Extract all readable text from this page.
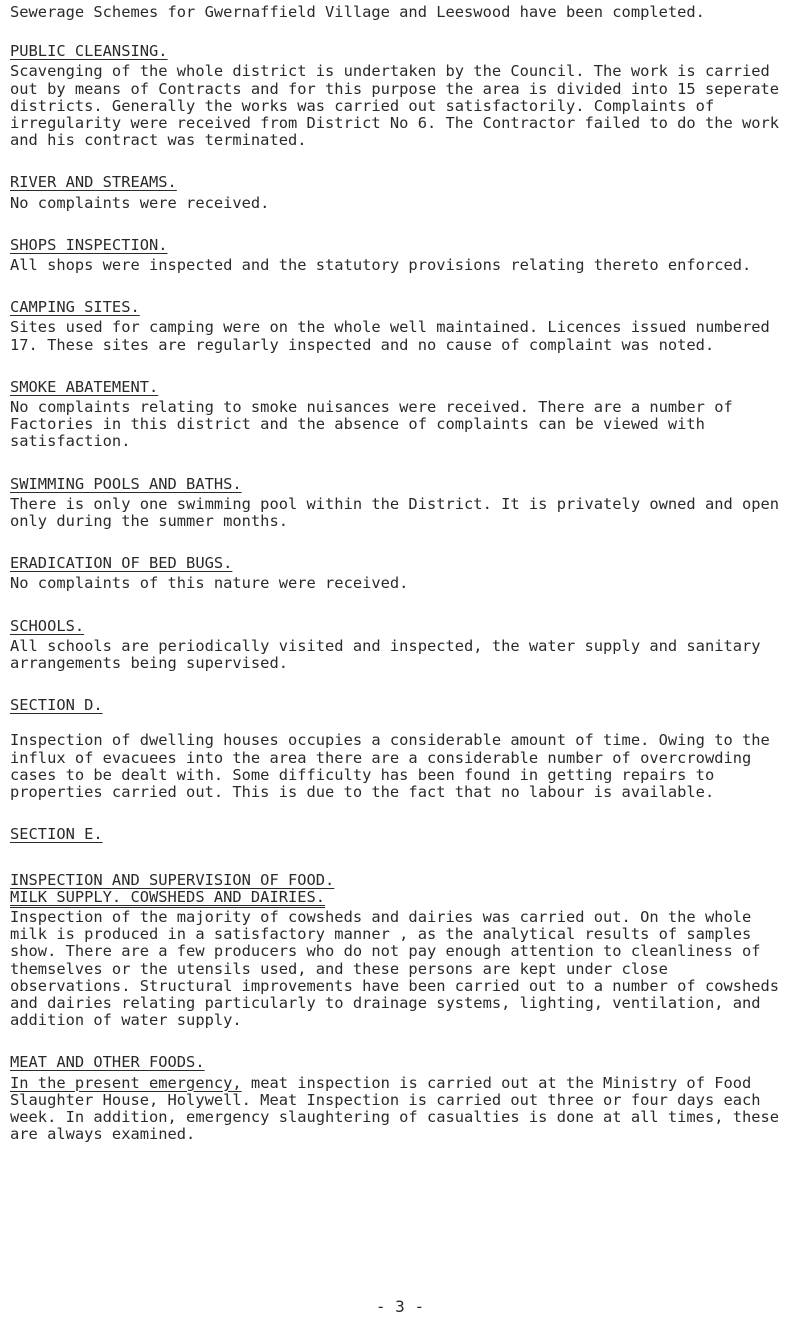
Sewerage Schemes for Gwernaffield Village and Leeswood have been completed.

PUBLIC CLEANSING.

Scavenging of the whole district is undertaken by the Council. The work is carried out by means of Contracts and for this purpose the area is divided into 15 seperate districts. Generally the works was carried out satisfactorily. Complaints of irregularity were received from District No 6. The Contractor failed to do the work and his contract was terminated.

RIVER AND STREAMS.

No complaints were received.

SHOPS INSPECTION.

All shops were inspected and the statutory provisions relating thereto enforced.

CAMPING SITES.

Sites used for camping were on the whole well maintained. Licences issued numbered 17. These sites are regularly inspected and no cause of complaint was noted.

SMOKE ABATEMENT.

No complaints relating to smoke nuisances were received. There are a number of Factories in this district and the absence of complaints can be viewed with satisfaction.

SWIMMING POOLS AND BATHS.

There is only one swimming pool within the District. It is privately owned and open only during the summer months.

ERADICATION OF BED BUGS.

No complaints of this nature were received.

SCHOOLS.

All schools are periodically visited and inspected, the water supply and sanitary arrangements being supervised.

SECTION D.

Inspection of dwelling houses occupies a considerable amount of time. Owing to the influx of evacuees into the area there are a considerable number of overcrowding cases to be dealt with. Some difficulty has been found in getting repairs to properties carried out. This is due to the fact that no labour is available.

SECTION E.
INSPECTION AND SUPERVISION OF FOOD.
MILK SUPPLY. COWSHEDS AND DAIRIES.

Inspection of the majority of cowsheds and dairies was carried out. On the whole milk is produced in a satisfactory manner , as the analytical results of samples show. There are a few producers who do not pay enough attention to cleanliness of themselves or the utensils used, and these persons are kept under close observations. Structural improvements have been carried out to a number of cowsheds and dairies relating particularly to drainage systems, lighting, ventilation, and addition of water supply.

MEAT AND OTHER FOODS.

In the present emergency, meat inspection is carried out at the Ministry of Food Slaughter House, Holywell. Meat Inspection is carried out three or four days each week. In addition, emergency slaughtering of casualties is done at all times, these are always examined.

- 3 -
